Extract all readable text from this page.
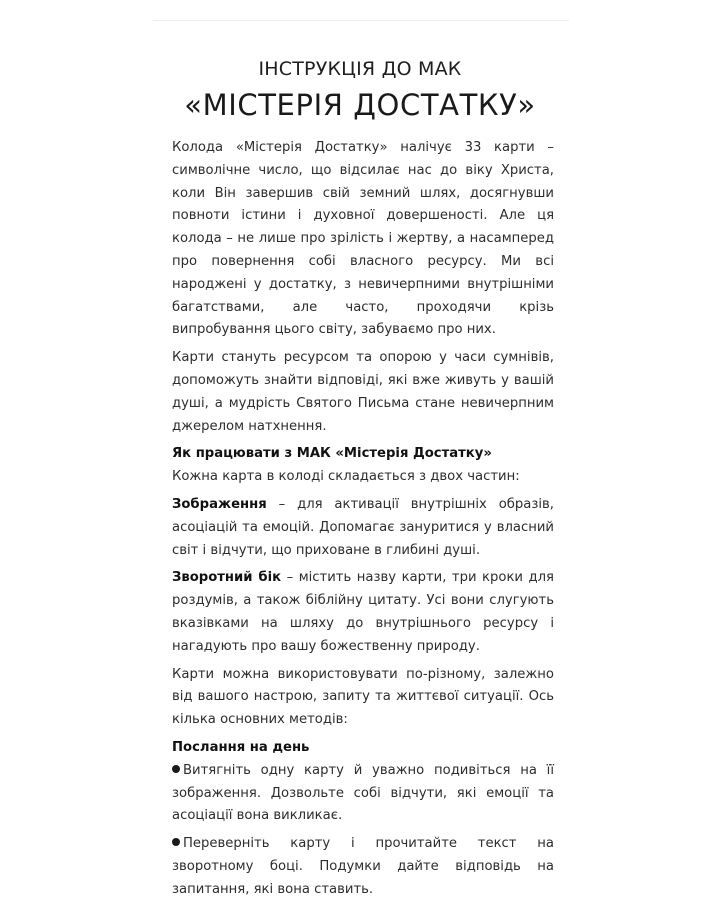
ІНСТРУКЦІЯ ДО МАК
«МІСТЕРІЯ ДОСТАТКУ»

Колода «Містерія Достатку» налічує 33 карти – символічне число, що відсилає нас до віку Христа, коли Він завершив свій земний шлях, досягнувши повноти істини і духовної довершеності. Але ця колода – не лише про зрілість і жертву, а насамперед про повернення собі власного ресурсу. Ми всі народжені у достатку, з невичерпними внутрішніми багатствами, але часто, проходячи крізь випробування цього світу, забуваємо про них.

Карти стануть ресурсом та опорою у часи сумнівів, допоможуть знайти відповіді, які вже живуть у вашій душі, а мудрість Святого Письма стане невичерпним джерелом натхнення.

Як працювати з МАК «Містерія Достатку»

Кожна карта в колоді складається з двох частин:

Зображення – для активації внутрішніх образів, асоціацій та емоцій. Допомагає зануритися у власний світ і відчути, що приховане в глибині душі.

Зворотний бік – містить назву карти, три кроки для роздумів, а також біблійну цитату. Усі вони слугують вказівками на шляху до внутрішнього ресурсу і нагадують про вашу божественну природу.

Карти можна використовувати по-різному, залежно від вашого настрою, запиту та життєвої ситуації. Ось кілька основних методів:

Послання на день

Витягніть одну карту й уважно подивіться на її зображення. Дозвольте собі відчути, які емоції та асоціації вона викликає.

Переверніть карту і прочитайте текст на зворотному боці. Подумки дайте відповідь на запитання, які вона ставить.
